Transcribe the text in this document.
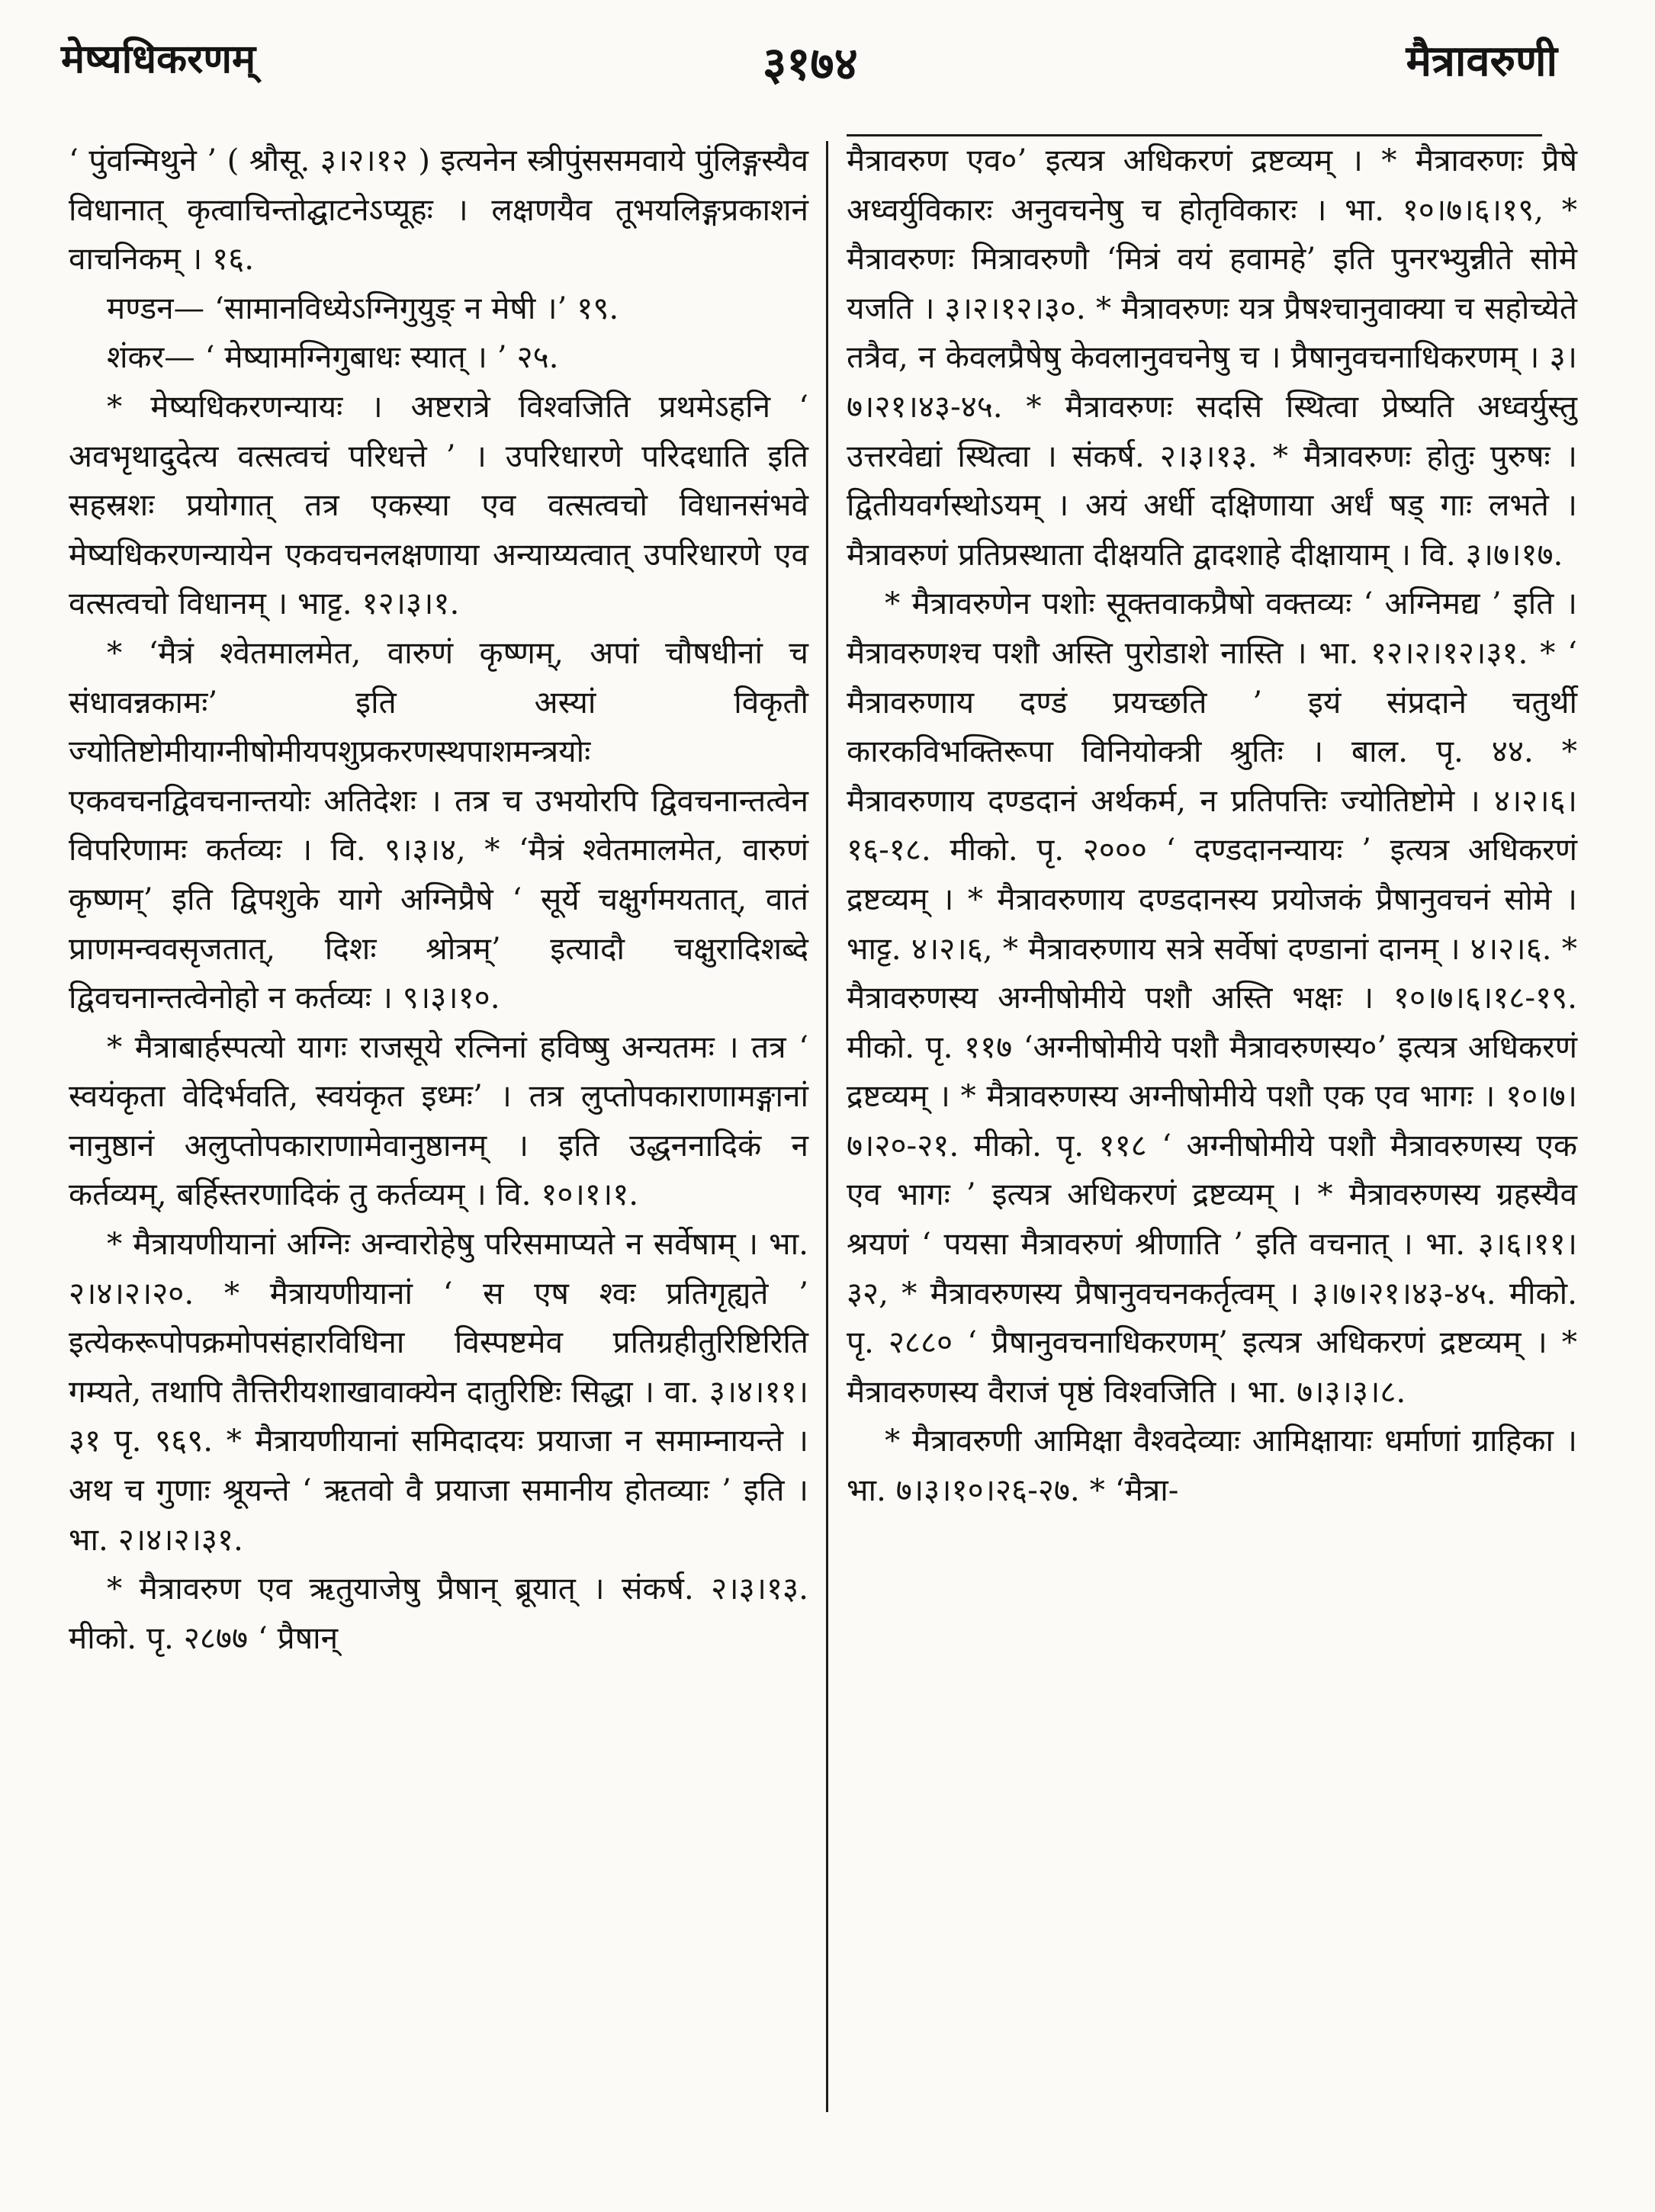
मेष्यधिकरणम्	३१७४	मैत्रावरुणी

‘ पुंवन्मिथुने ’ ( श्रौसू. ३।२।१२ ) इत्यनेन स्त्रीपुंससमवाये पुंलिङ्गस्यैव विधानात् कृत्वाचिन्तोद्घाटनेऽप्यूहः । लक्षणयैव तूभयलिङ्गप्रकाशनं वाचनिकम् । १६.

मण्डन— ‘सामानविध्येऽग्निगुयुङ् न मेषी ।’ १९.

शंकर— ‘ मेष्यामग्निगुबाधः स्यात् । ’ २५.

* मेष्यधिकरणन्यायः । अष्टरात्रे विश्वजिति प्रथमेऽहनि ‘ अवभृथादुदेत्य वत्सत्वचं परिधत्ते ’ । उपरिधारणे परिदधाति इति सहस्रशः प्रयोगात् तत्र एकस्या एव वत्सत्वचो विधानसंभवे मेष्यधिकरणन्यायेन एकवचनलक्षणाया अन्याय्यत्वात् उपरिधारणे एव वत्सत्वचो विधानम् । भाट्ट. १२।३।१.

* ‘मैत्रं श्वेतमालमेत, वारुणं कृष्णम्, अपां चौषधीनां च संधावन्नकामः’ इति अस्यां विकृतौ ज्योतिष्टोमीयाग्नीषोमीयपशुप्रकरणस्थपाशमन्त्रयोः एकवचनद्विवचनान्तयोः अतिदेशः । तत्र च उभयोरपि द्विवचनान्तत्वेन विपरिणामः कर्तव्यः । वि. ९।३।४, * ‘मैत्रं श्वेतमालमेत, वारुणं कृष्णम्’ इति द्विपशुके यागे अग्निप्रैषे ‘ सूर्ये चक्षुर्गमयतात्, वातं प्राणमन्ववसृजतात्, दिशः श्रोत्रम्’ इत्यादौ चक्षुरादिशब्दे द्विवचनान्तत्वेनोहो न कर्तव्यः । ९।३।१०.

* मैत्राबार्हस्पत्यो यागः राजसूये रत्निनां हविष्षु अन्यतमः । तत्र ‘ स्वयंकृता वेदिर्भवति, स्वयंकृत इध्मः’ । तत्र लुप्तोपकाराणामङ्गानां नानुष्ठानं अलुप्तोपकाराणामेवानुष्ठानम् । इति उद्धननादिकं न कर्तव्यम्, बर्हिस्तरणादिकं तु कर्तव्यम् । वि. १०।१।१.

* मैत्रायणीयानां अग्निः अन्वारोहेषु परिसमाप्यते न सर्वेषाम् । भा. २।४।२।२०. * मैत्रायणीयानां ‘ स एष श्वः प्रतिगृह्यते ’ इत्येकरूपोपक्रमोपसंहारविधिना विस्पष्टमेव प्रतिग्रहीतुरिष्टिरिति गम्यते, तथापि तैत्तिरीयशाखावाक्येन दातुरिष्टिः सिद्धा । वा. ३।४।११।३१ पृ. ९६९. * मैत्रायणीयानां समिदादयः प्रयाजा न समाम्नायन्ते । अथ च गुणाः श्रूयन्ते ‘ ऋतवो वै प्रयाजा समानीय होतव्याः ’ इति । भा. २।४।२।३१.

* मैत्रावरुण एव ऋतुयाजेषु प्रैषान् ब्रूयात् । संकर्ष. २।३।१३. मीको. पृ. २८७७ ‘ प्रैषान्

मैत्रावरुण एव०’ इत्यत्र अधिकरणं द्रष्टव्यम् । * मैत्रावरुणः प्रैषे अध्वर्युविकारः अनुवचनेषु च होतृविकारः । भा. १०।७।६।१९, * मैत्रावरुणः मित्रावरुणौ ‘मित्रं वयं हवामहे’ इति पुनरभ्युन्नीते सोमे यजति । ३।२।१२।३०. * मैत्रावरुणः यत्र प्रैषश्चानुवाक्या च सहोच्येते तत्रैव, न केवलप्रैषेषु केवलानुवचनेषु च । प्रैषानुवचनाधिकरणम् । ३।७।२१।४३-४५. * मैत्रावरुणः सदसि स्थित्वा प्रेष्यति अध्वर्युस्तु उत्तरवेद्यां स्थित्वा । संकर्ष. २।३।१३. * मैत्रावरुणः होतुः पुरुषः । द्वितीयवर्गस्थोऽयम् । अयं अर्धी दक्षिणाया अर्धं षड् गाः लभते । मैत्रावरुणं प्रतिप्रस्थाता दीक्षयति द्वादशाहे दीक्षायाम् । वि. ३।७।१७.

* मैत्रावरुणेन पशोः सूक्तवाकप्रैषो वक्तव्यः ‘ अग्निमद्य ’ इति । मैत्रावरुणश्च पशौ अस्ति पुरोडाशे नास्ति । भा. १२।२।१२।३१. * ‘ मैत्रावरुणाय दण्डं प्रयच्छति ’ इयं संप्रदाने चतुर्थी कारकविभक्तिरूपा विनियोक्त्री श्रुतिः । बाल. पृ. ४४. * मैत्रावरुणाय दण्डदानं अर्थकर्म, न प्रतिपत्तिः ज्योतिष्टोमे । ४।२।६।१६-१८. मीको. पृ. २००० ‘ दण्डदानन्यायः ’ इत्यत्र अधिकरणं द्रष्टव्यम् । * मैत्रावरुणाय दण्डदानस्य प्रयोजकं प्रैषानुवचनं सोमे । भाट्ट. ४।२।६, * मैत्रावरुणाय सत्रे सर्वेषां दण्डानां दानम् । ४।२।६. * मैत्रावरुणस्य अग्नीषोमीये पशौ अस्ति भक्षः । १०।७।६।१८-१९. मीको. पृ. ११७ ‘अग्नीषोमीये पशौ मैत्रावरुणस्य०’ इत्यत्र अधिकरणं द्रष्टव्यम् । * मैत्रावरुणस्य अग्नीषोमीये पशौ एक एव भागः । १०।७।७।२०-२१. मीको. पृ. ११८ ‘ अग्नीषोमीये पशौ मैत्रावरुणस्य एक एव भागः ’ इत्यत्र अधिकरणं द्रष्टव्यम् । * मैत्रावरुणस्य ग्रहस्यैव श्रयणं ‘ पयसा मैत्रावरुणं श्रीणाति ’ इति वचनात् । भा. ३।६।११।३२, * मैत्रावरुणस्य प्रैषानुवचनकर्तृत्वम् । ३।७।२१।४३-४५. मीको. पृ. २८८० ‘ प्रैषानुवचनाधिकरणम्’ इत्यत्र अधिकरणं द्रष्टव्यम् । * मैत्रावरुणस्य वैराजं पृष्ठं विश्वजिति । भा. ७।३।३।८.

* मैत्रावरुणी आमिक्षा वैश्वदेव्याः आमिक्षायाः धर्माणां ग्राहिका । भा. ७।३।१०।२६-२७. * ‘मैत्रा-
